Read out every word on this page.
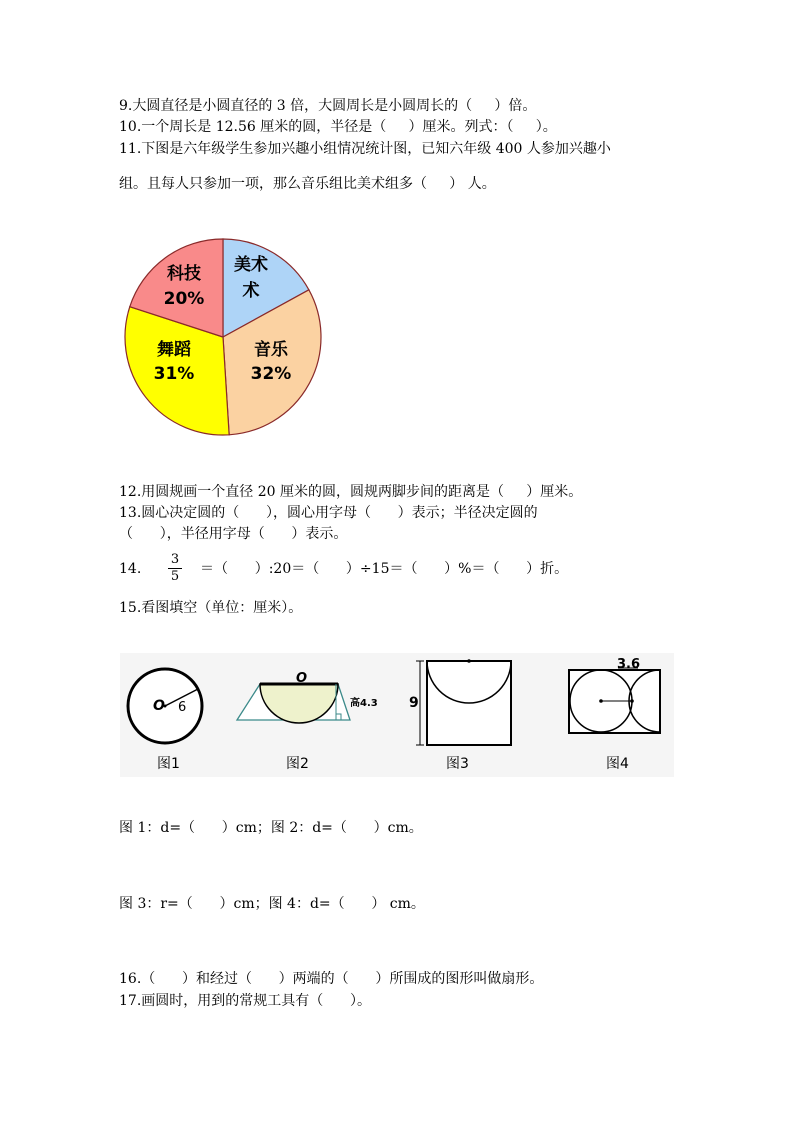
9.大圆直径是小圆直径的 3 倍，大圆周长是小圆周长的（     ）倍。
10.一个周长是 12.56 厘米的圆，半径是（     ）厘米。列式：（     ）。
11.下图是六年级学生参加兴趣小组情况统计图，已知六年级 400 人参加兴趣小
组。且每人只参加一项，那么音乐组比美术组多（     ） 人。
美术
术
科技
20%
舞蹈
31%
音乐
32%
12.用圆规画一个直径 20 厘米的圆，圆规两脚步间的距离是（     ）厘米。
13.圆心决定圆的（      ），圆心用字母（      ）表示；半径决定圆的
（      ），半径用字母（      ）表示。
14.
3
5 ＝（      ）:20＝（      ）÷15＝（      ）%＝（      ）折。
15.看图填空（单位：厘米）。
O 6
O
高4.3 9
3.6
图1	图2	图3	图4
图 1：d=（      ）cm；图 2：d=（      ）cm。
图 3：r=（      ）cm；图 4：d=（      ） cm。
16.（      ）和经过（      ）两端的（      ）所围成的图形叫做扇形。
17.画圆时，用到的常规工具有（      ）。
